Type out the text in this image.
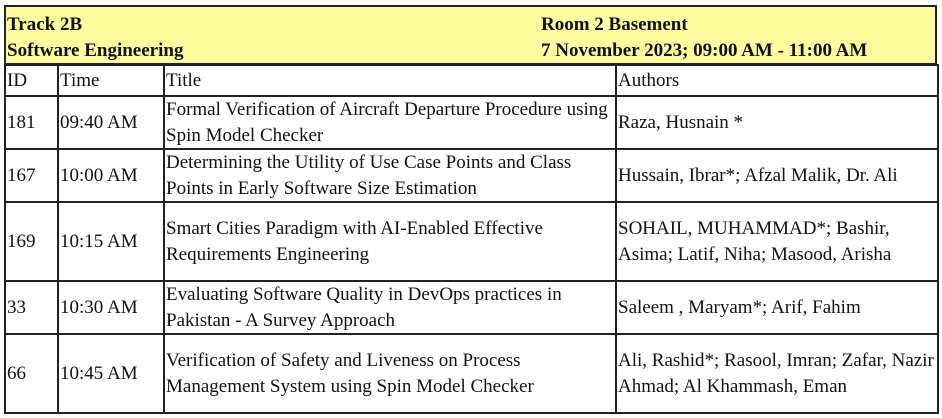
Track 2B
Software Engineering
Room 2 Basement
7 November 2023; 09:00 AM - 11:00 AM
ID	Time	Title	Authors
181	09:40 AM	Formal Verification of Aircraft Departure Procedure using Spin Model Checker	Raza, Husnain *
167	10:00 AM	Determining the Utility of Use Case Points and Class Points in Early Software Size Estimation	Hussain, Ibrar*; Afzal Malik, Dr. Ali
169	10:15 AM	Smart Cities Paradigm with AI-Enabled Effective Requirements Engineering	SOHAIL, MUHAMMAD*; Bashir, Asima; Latif, Niha; Masood, Arisha
33	10:30 AM	Evaluating Software Quality in DevOps practices in Pakistan - A Survey Approach	Saleem , Maryam*; Arif, Fahim
66	10:45 AM	Verification of Safety and Liveness on Process Management System using Spin Model Checker	Ali, Rashid*; Rasool, Imran; Zafar, Nazir Ahmad; Al Khammash, Eman
